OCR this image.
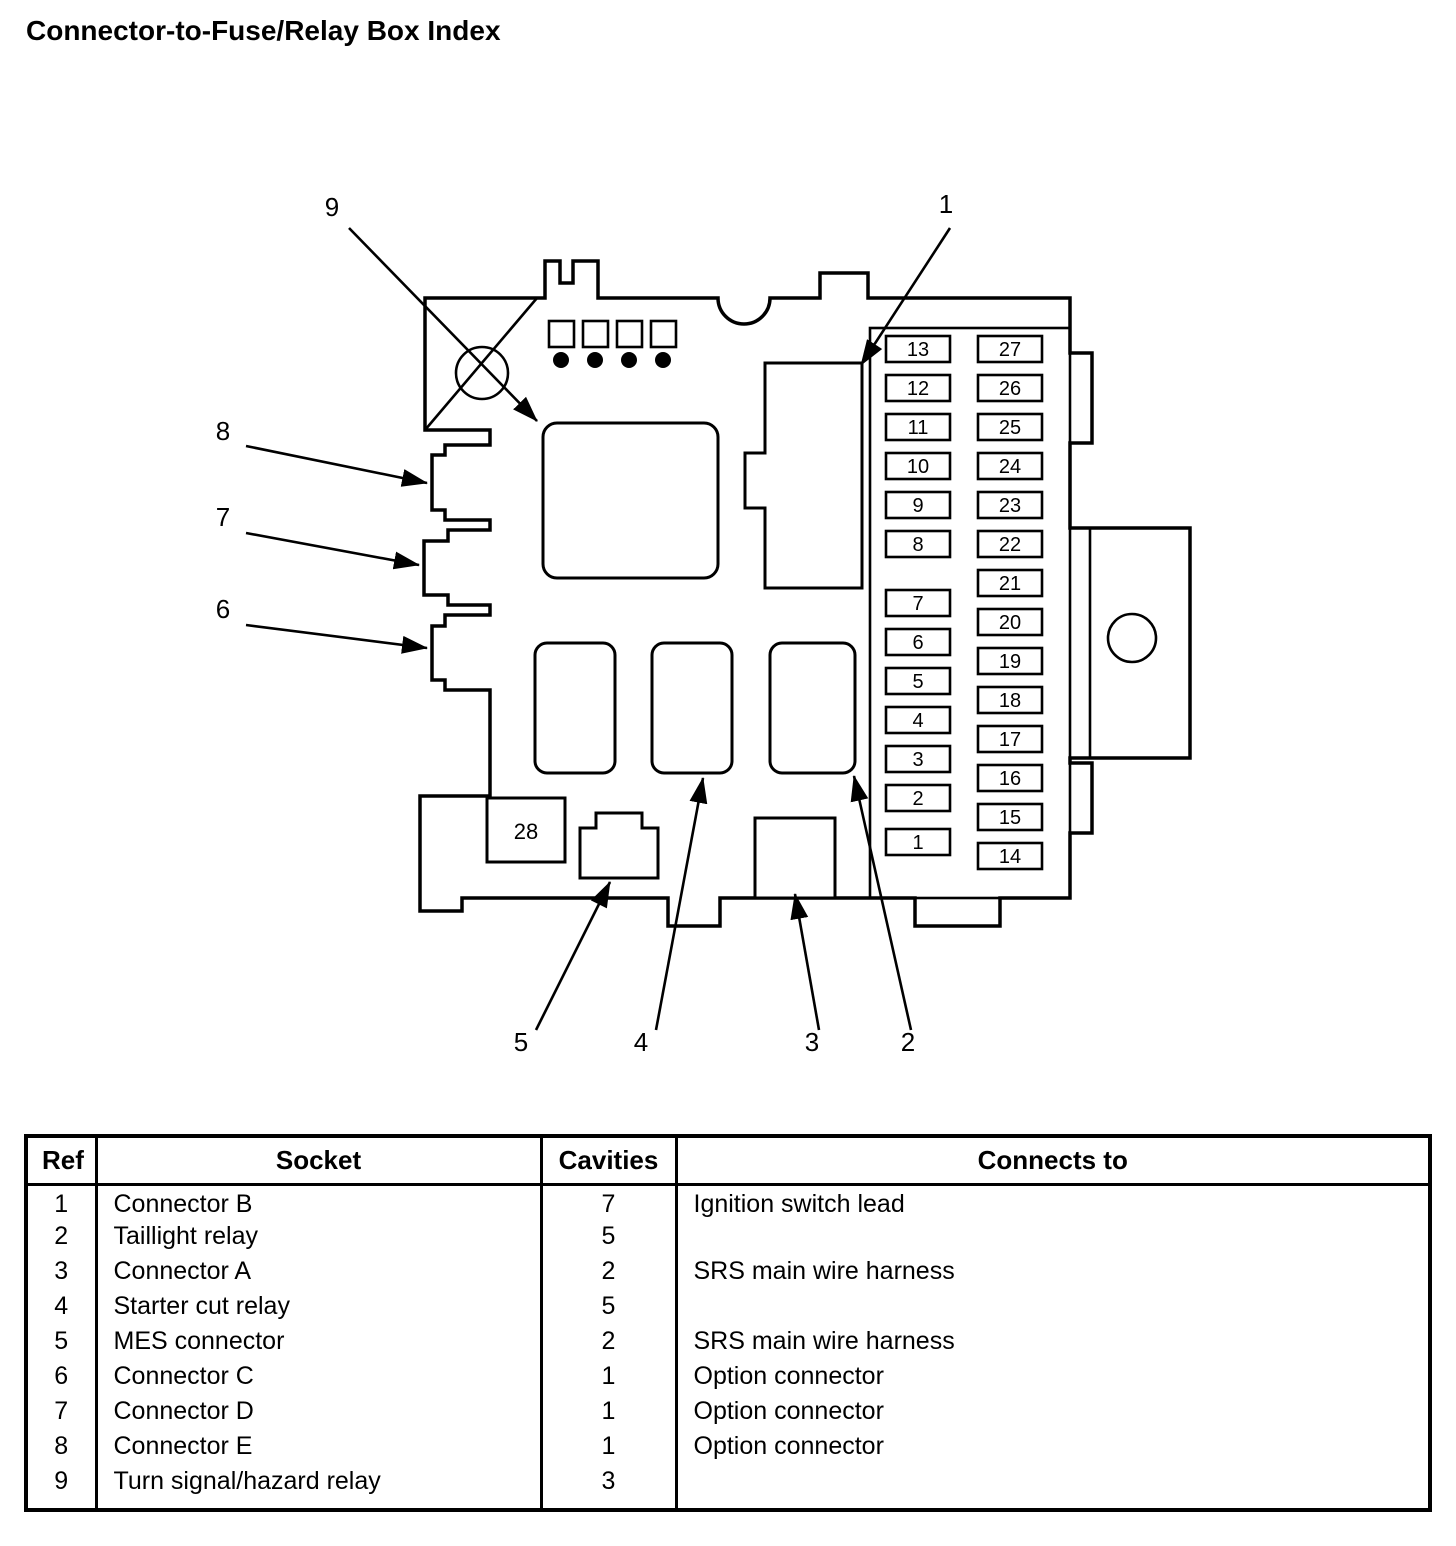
Connector-to-Fuse/Relay Box Index
28
13
12
11
10
9
8
7
6
5
4
3
2
1
27
26
25
24
23
22
21
20
19
18
17
16
15
14
1
2
3
4
5
6
7
8
9
Ref	Socket	Cavities	Connects to
1	Connector B	7	Ignition switch lead
2	Taillight relay	5	
3	Connector A	2	SRS main wire harness
4	Starter cut relay	5	
5	MES connector	2	SRS main wire harness
6	Connector C	1	Option connector
7	Connector D	1	Option connector
8	Connector E	1	Option connector
9	Turn signal/hazard relay	3	
